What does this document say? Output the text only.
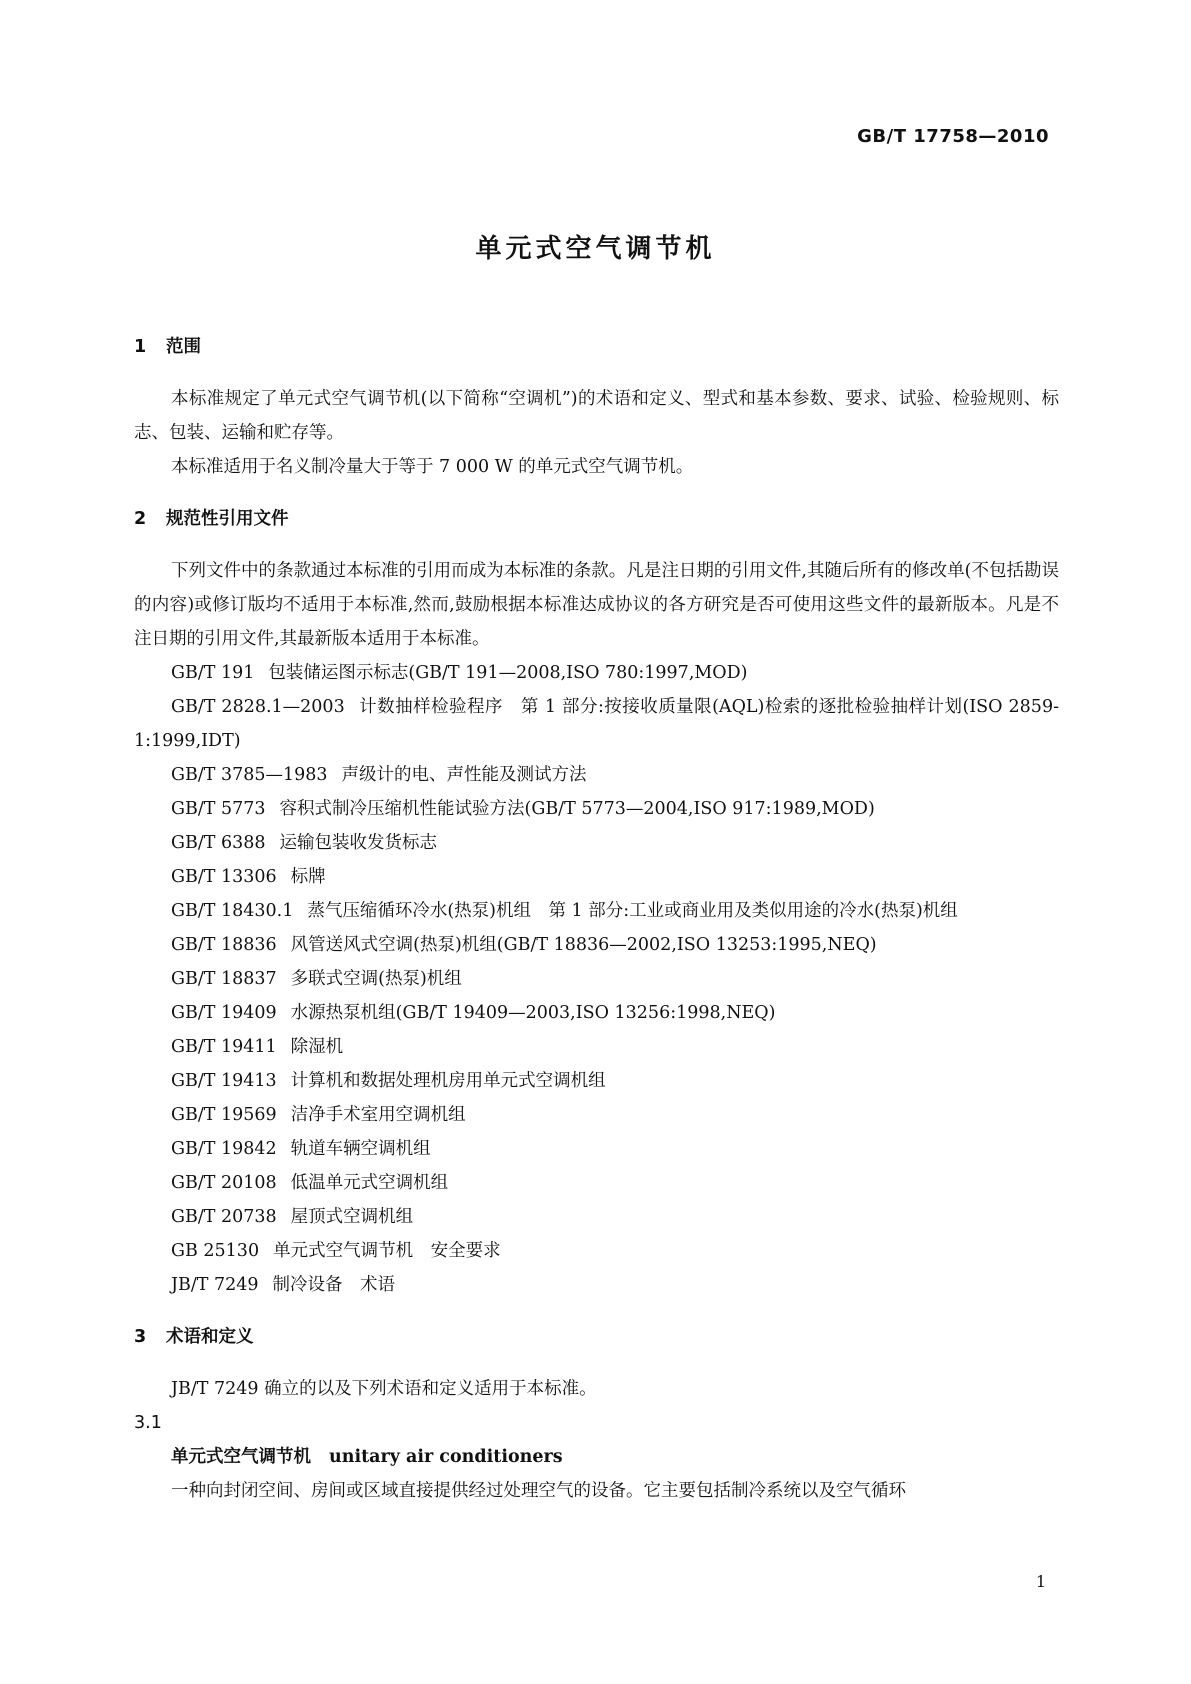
GB/T 17758—2010
单元式空气调节机
1 范围

本标准规定了单元式空气调节机(以下简称“空调机”)的术语和定义、型式和基本参数、要求、试验、检验规则、标志、包装、运输和贮存等。

本标准适用于名义制冷量大于等于 7 000 W 的单元式空气调节机。

2 规范性引用文件

下列文件中的条款通过本标准的引用而成为本标准的条款。凡是注日期的引用文件,其随后所有的修改单(不包括勘误的内容)或修订版均不适用于本标准,然而,鼓励根据本标准达成协议的各方研究是否可使用这些文件的最新版本。凡是不注日期的引用文件,其最新版本适用于本标准。

GB/T 191 包装储运图示标志(GB/T 191—2008,ISO 780:1997,MOD)

GB/T 2828.1—2003 计数抽样检验程序　第 1 部分:按接收质量限(AQL)检索的逐批检验抽样计划(ISO 2859-1:1999,IDT)

GB/T 3785—1983 声级计的电、声性能及测试方法

GB/T 5773 容积式制冷压缩机性能试验方法(GB/T 5773—2004,ISO 917:1989,MOD)

GB/T 6388 运输包装收发货标志

GB/T 13306 标牌

GB/T 18430.1 蒸气压缩循环冷水(热泵)机组　第 1 部分:工业或商业用及类似用途的冷水(热泵)机组

GB/T 18836 风管送风式空调(热泵)机组(GB/T 18836—2002,ISO 13253:1995,NEQ)

GB/T 18837 多联式空调(热泵)机组

GB/T 19409 水源热泵机组(GB/T 19409—2003,ISO 13256:1998,NEQ)

GB/T 19411 除湿机

GB/T 19413 计算机和数据处理机房用单元式空调机组

GB/T 19569 洁净手术室用空调机组

GB/T 19842 轨道车辆空调机组

GB/T 20108 低温单元式空调机组

GB/T 20738 屋顶式空调机组

GB 25130 单元式空气调节机　安全要求

JB/T 7249 制冷设备　术语

3 术语和定义

JB/T 7249 确立的以及下列术语和定义适用于本标准。

3.1
单元式空气调节机 unitary air conditioners

一种向封闭空间、房间或区域直接提供经过处理空气的设备。它主要包括制冷系统以及空气循环

1
